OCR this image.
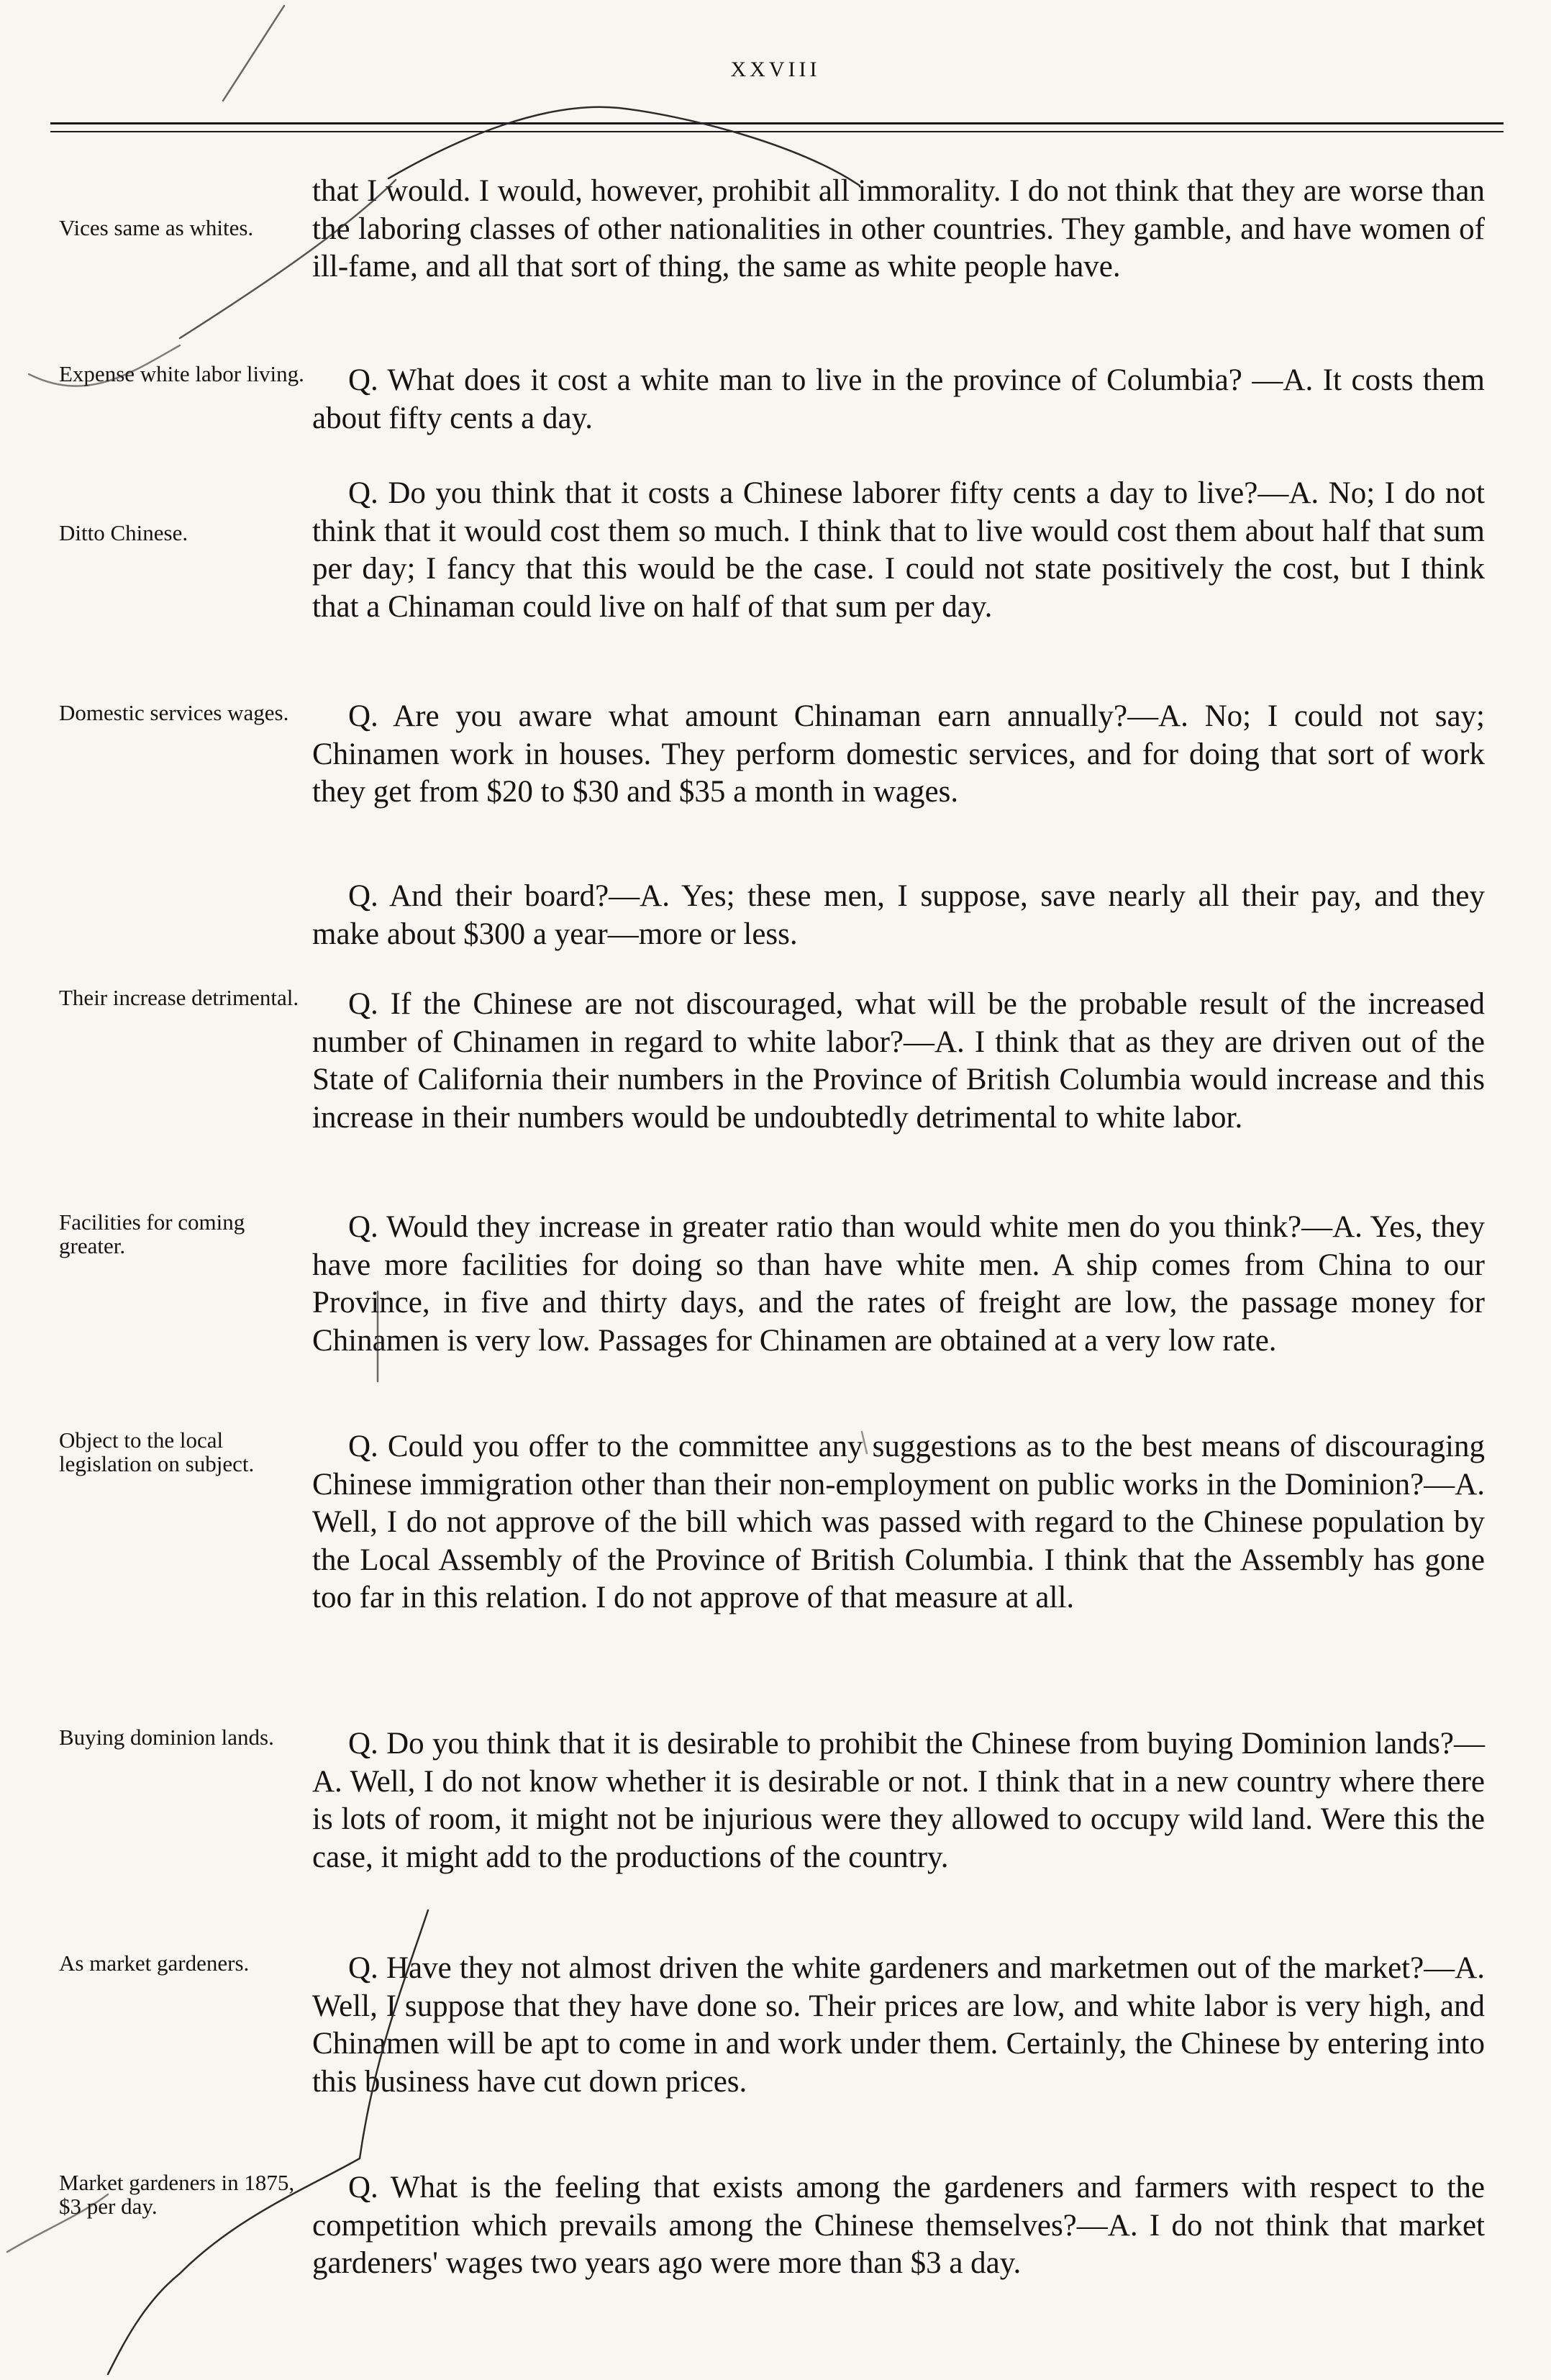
XXVIII

Vices same as whites.

that I would. I would, however, prohibit all immorality. I do not think that they are worse than the laboring classes of other nationalities in other countries. They gamble, and have women of ill-fame, and all that sort of thing, the same as white people have.

Expense white labor living.	Q. What does it cost a white man to live in the province of Columbia? —A. It costs them about fifty cents a day.

Ditto Chinese.

Q. Do you think that it costs a Chinese laborer fifty cents a day to live?—A. No; I do not think that it would cost them so much. I think that to live would cost them about half that sum per day; I fancy that this would be the case. I could not state positively the cost, but I think that a Chinaman could live on half of that sum per day.

Domestic services wages.	Q. Are you aware what amount Chinaman earn annually?—A. No; I could not say; Chinamen work in houses. They perform domestic services, and for doing that sort of work they get from $20 to $30 and $35 a month in wages.

Q. And their board?—A. Yes; these men, I suppose, save nearly all their pay, and they make about $300 a year—more or less.

Their increase detrimental.	Q. If the Chinese are not discouraged, what will be the probable result of the increased number of Chinamen in regard to white labor?—A. I think that as they are driven out of the State of California their numbers in the Province of British Columbia would increase and this increase in their numbers would be undoubtedly detrimental to white labor.

Facilities for coming greater.

Q. Would they increase in greater ratio than would white men do you think?—A. Yes, they have more facilities for doing so than have white men. A ship comes from China to our Province, in five and thirty days, and the rates of freight are low, the passage money for Chinamen is very low. Passages for Chinamen are obtained at a very low rate.

Object to the local legislation on subject.

Q. Could you offer to the committee any suggestions as to the best means of discouraging Chinese immigration other than their non-employment on public works in the Dominion?—A. Well, I do not approve of the bill which was passed with regard to the Chinese population by the Local Assembly of the Province of British Columbia. I think that the Assembly has gone too far in this relation. I do not approve of that measure at all.

Buying dominion lands.	Q. Do you think that it is desirable to prohibit the Chinese from buying Dominion lands?—A. Well, I do not know whether it is desirable or not. I think that in a new country where there is lots of room, it might not be injurious were they allowed to occupy wild land. Were this the case, it might add to the productions of the country.

As market gardeners.	Q. Have they not almost driven the white gardeners and marketmen out of the market?—A. Well, I suppose that they have done so. Their prices are low, and white labor is very high, and Chinamen will be apt to come in and work under them. Certainly, the Chinese by entering into this business have cut down prices.

Market gardeners in 1875, $3 per day.

Q. What is the feeling that exists among the gardeners and farmers with respect to the competition which prevails among the Chinese themselves?—A. I do not think that market gardeners' wages two years ago were more than $3 a day.
